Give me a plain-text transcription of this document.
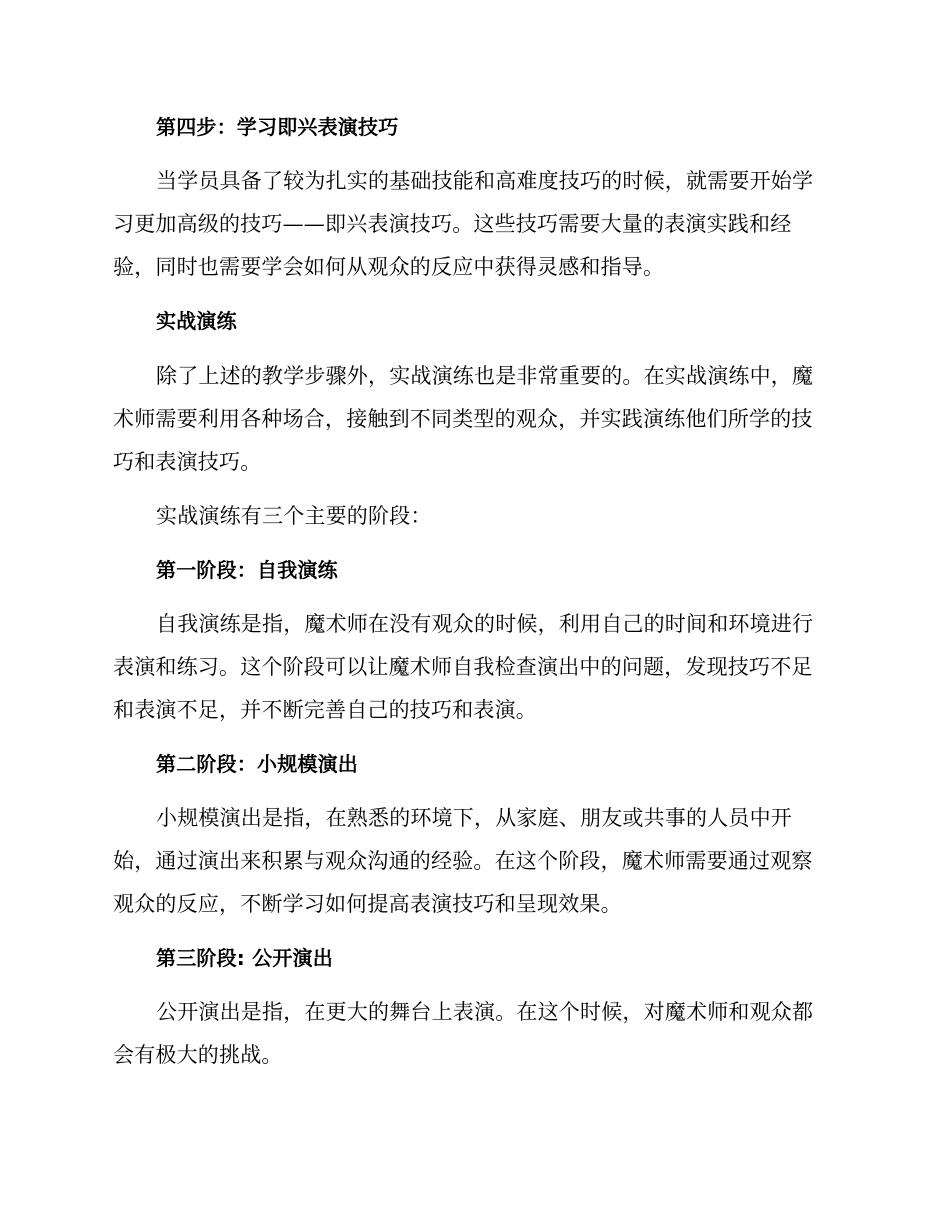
第四步：学习即兴表演技巧
当学员具备了较为扎实的基础技能和高难度技巧的时候，就需要开始学
习更加高级的技巧——即兴表演技巧。这些技巧需要大量的表演实践和经
验，同时也需要学会如何从观众的反应中获得灵感和指导。
实战演练
除了上述的教学步骤外，实战演练也是非常重要的。在实战演练中，魔
术师需要利用各种场合，接触到不同类型的观众，并实践演练他们所学的技
巧和表演技巧。
实战演练有三个主要的阶段：
第一阶段：自我演练
自我演练是指，魔术师在没有观众的时候，利用自己的时间和环境进行
表演和练习。这个阶段可以让魔术师自我检查演出中的问题，发现技巧不足
和表演不足，并不断完善自己的技巧和表演。
第二阶段：小规模演出
小规模演出是指，在熟悉的环境下，从家庭、朋友或共事的人员中开
始，通过演出来积累与观众沟通的经验。在这个阶段，魔术师需要通过观察
观众的反应，不断学习如何提高表演技巧和呈现效果。
第三阶段: 公开演出
公开演出是指，在更大的舞台上表演。在这个时候，对魔术师和观众都
会有极大的挑战。
